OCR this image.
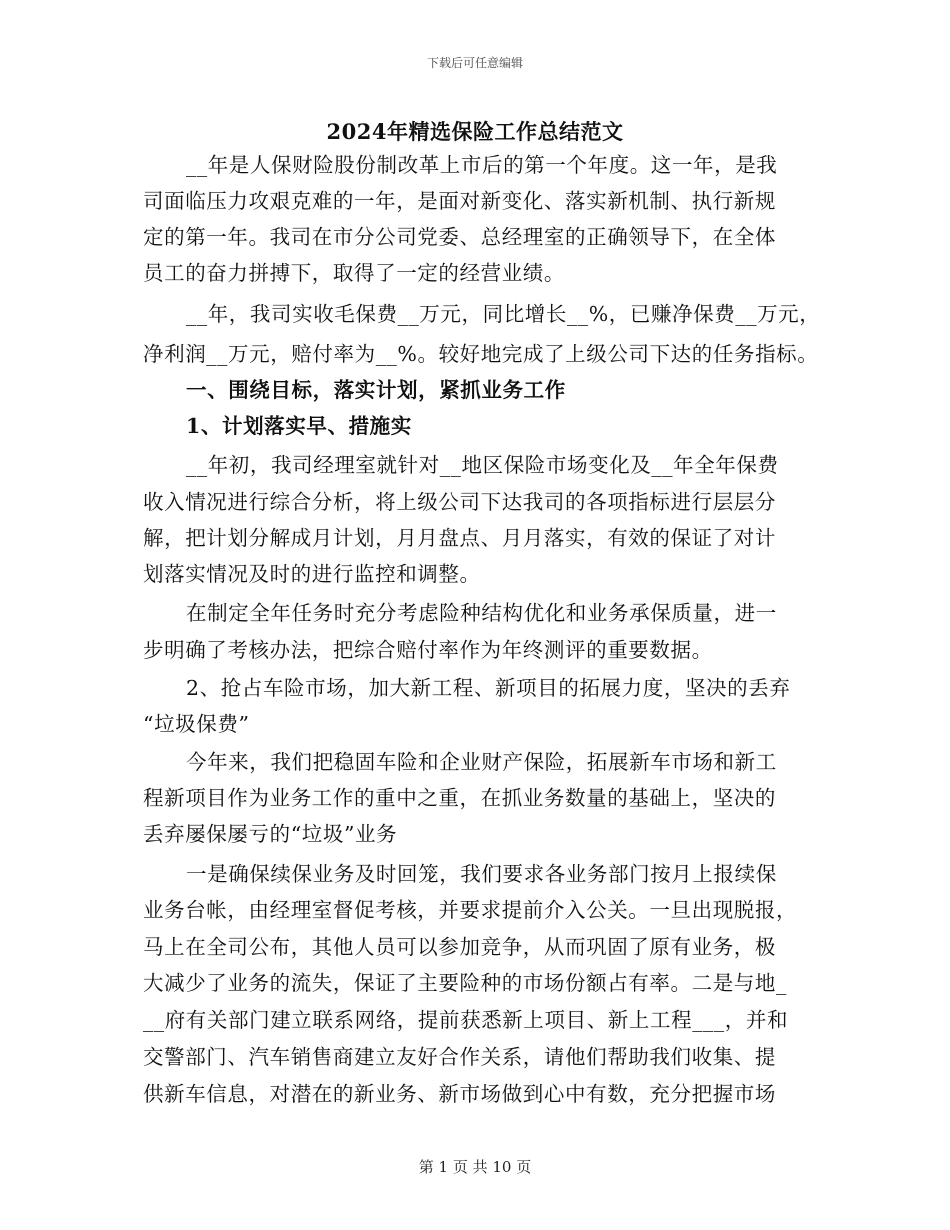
下载后可任意编辑
2024年精选保险工作总结范文
__年是人保财险股份制改革上市后的第一个年度。这一年，是我
司面临压力攻艰克难的一年，是面对新变化、落实新机制、执行新规
定的第一年。我司在市分公司党委、总经理室的正确领导下，在全体
员工的奋力拼搏下，取得了一定的经营业绩。
__年，我司实收毛保费__万元，同比增长__%，已赚净保费__万元，
净利润__万元，赔付率为__%。较好地完成了上级公司下达的任务指标。
一、围绕目标，落实计划，紧抓业务工作
1、计划落实早、措施实
__年初，我司经理室就针对__地区保险市场变化及__年全年保费
收入情况进行综合分析，将上级公司下达我司的各项指标进行层层分
解，把计划分解成月计划，月月盘点、月月落实，有效的保证了对计
划落实情况及时的进行监控和调整。
在制定全年任务时充分考虑险种结构优化和业务承保质量，进一
步明确了考核办法，把综合赔付率作为年终测评的重要数据。
2、抢占车险市场，加大新工程、新项目的拓展力度，坚决的丢弃
“垃圾保费”
今年来，我们把稳固车险和企业财产保险，拓展新车市场和新工
程新项目作为业务工作的重中之重，在抓业务数量的基础上，坚决的
丢弃屡保屡亏的“垃圾”业务
一是确保续保业务及时回笼，我们要求各业务部门按月上报续保
业务台帐，由经理室督促考核，并要求提前介入公关。一旦出现脱报，
马上在全司公布，其他人员可以参加竞争，从而巩固了原有业务，极
大减少了业务的流失，保证了主要险种的市场份额占有率。二是与地_
__府有关部门建立联系网络，提前获悉新上项目、新上工程___，并和
交警部门、汽车销售商建立友好合作关系，请他们帮助我们收集、提
供新车信息，对潜在的新业务、新市场做到心中有数，充分把握市场
第 1 页 共 10 页
